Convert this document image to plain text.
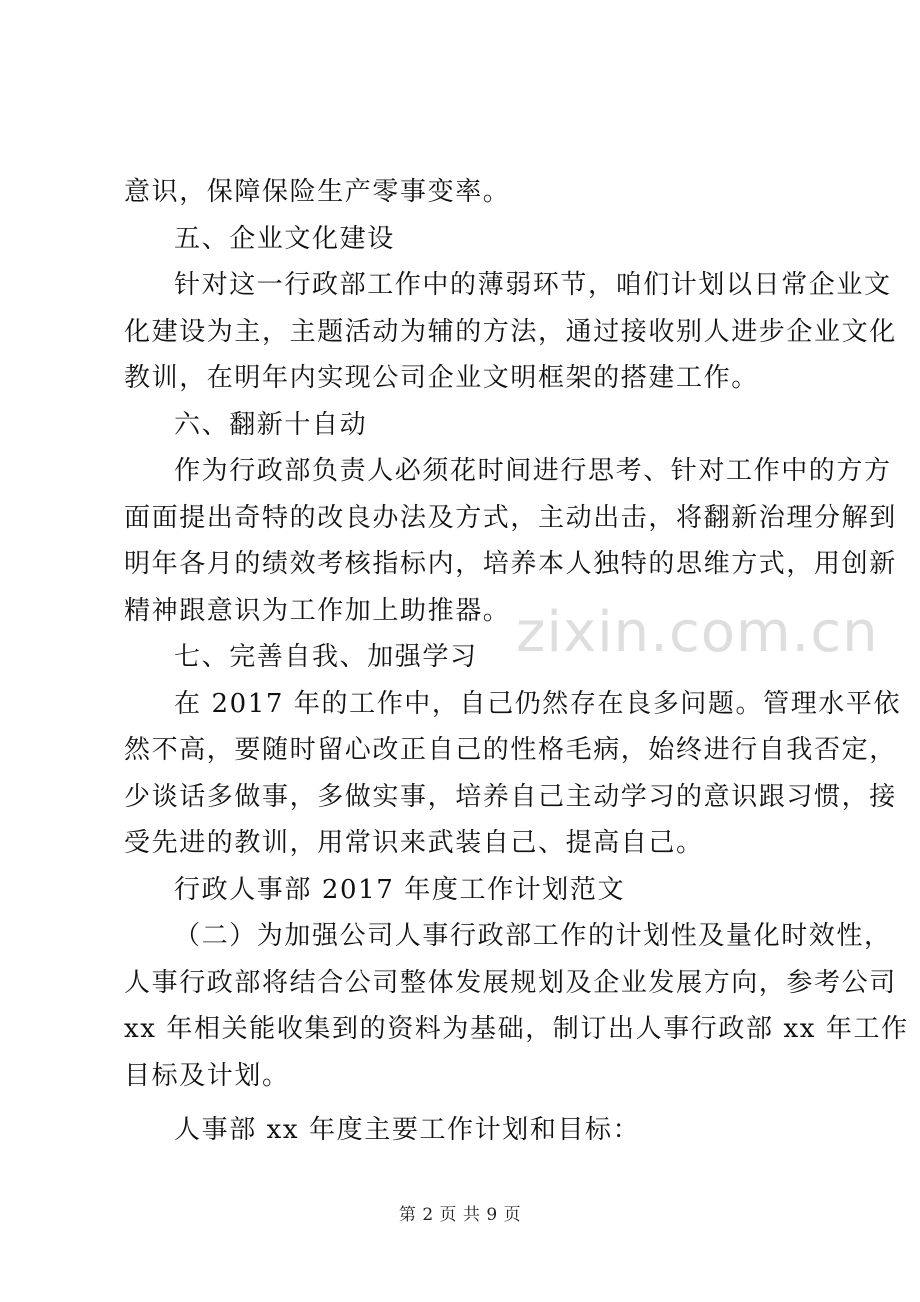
意识，保障保险生产零事变率。
五、企业文化建设
针对这一行政部工作中的薄弱环节，咱们计划以日常企业文
化建设为主，主题活动为辅的方法，通过接收别人进步企业文化
教训，在明年内实现公司企业文明框架的搭建工作。
六、翻新十自动
作为行政部负责人必须花时间进行思考、针对工作中的方方
面面提出奇特的改良办法及方式，主动出击，将翻新治理分解到
明年各月的绩效考核指标内，培养本人独特的思维方式，用创新
精神跟意识为工作加上助推器。
七、完善自我、加强学习
在 2017 年的工作中，自己仍然存在良多问题。管理水平依
然不高，要随时留心改正自己的性格毛病，始终进行自我否定，
少谈话多做事，多做实事，培养自己主动学习的意识跟习惯，接
受先进的教训，用常识来武装自己、提高自己。
行政人事部 2017 年度工作计划范文
（二）为加强公司人事行政部工作的计划性及量化时效性，
人事行政部将结合公司整体发展规划及企业发展方向，参考公司
xx 年相关能收集到的资料为基础，制订出人事行政部 xx 年工作
目标及计划。
人事部 xx 年度主要工作计划和目标：
zixin.com.cn
第 2 页 共 9 页
